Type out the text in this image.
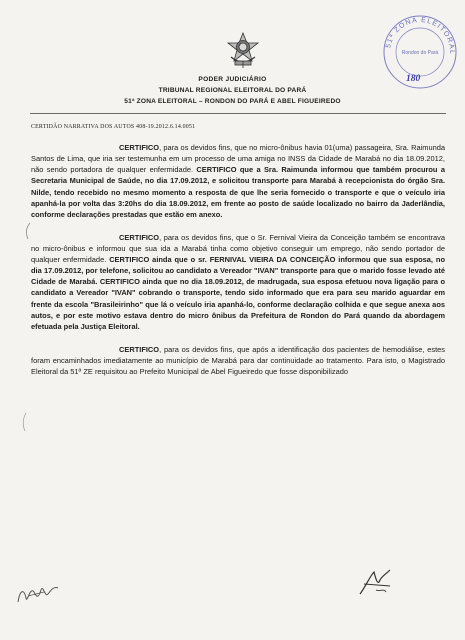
PODER JUDICIÁRIO
TRIBUNAL REGIONAL ELEITORAL DO PARÁ
51ª ZONA ELEITORAL – RONDON DO PARÁ E ABEL FIGUEIREDO
CERTIDÃO NARRATIVA DOS AUTOS 408-19.2012.6.14.0051
51ª ZONA ELEITORAL
Rondon do Pará
180

CERTIFICO, para os devidos fins, que no micro-ônibus havia 01(uma) passageira, Sra. Raimunda Santos de Lima, que iria ser testemunha em um processo de uma amiga no INSS da Cidade de Marabá no dia 18.09.2012, não sendo portadora de qualquer enfermidade. CERTIFICO que a Sra. Raimunda informou que também procurou a Secretaria Municipal de Saúde, no dia 17.09.2012, e solicitou transporte para Marabá à recepcionista do órgão Sra. Nilde, tendo recebido no mesmo momento a resposta de que lhe seria fornecido o transporte e que o veículo iria apanhá-la por volta das 3:20hs do dia 18.09.2012, em frente ao posto de saúde localizado no bairro da Jaderlândia, conforme declarações prestadas que estão em anexo.

CERTIFICO, para os devidos fins, que o Sr. Fernival Vieira da Conceição também se encontrava no micro-ônibus e informou que sua ida a Marabá tinha como objetivo conseguir um emprego, não sendo portador de qualquer enfermidade. CERTIFICO ainda que o sr. FERNIVAL VIEIRA DA CONCEIÇÃO informou que sua esposa, no dia 17.09.2012, por telefone, solicitou ao candidato a Vereador "IVAN" transporte para que o marido fosse levado até Cidade de Marabá. CERTIFICO ainda que no dia 18.09.2012, de madrugada, sua esposa efetuou nova ligação para o candidato a Vereador "IVAN" cobrando o transporte, tendo sido informado que era para seu marido aguardar em frente da escola "Brasileirinho" que lá o veículo iria apanhá-lo, conforme declaração colhida e que segue anexa aos autos, e por este motivo estava dentro do micro ônibus da Prefeitura de Rondon do Pará quando da abordagem efetuada pela Justiça Eleitoral.

CERTIFICO, para os devidos fins, que após a identificação dos pacientes de hemodiálise, estes foram encaminhados imediatamente ao município de Marabá para dar continuidade ao tratamento. Para isto, o Magistrado Eleitoral da 51ª ZE requisitou ao Prefeito Municipal de Abel Figueiredo que fosse disponibilizado
